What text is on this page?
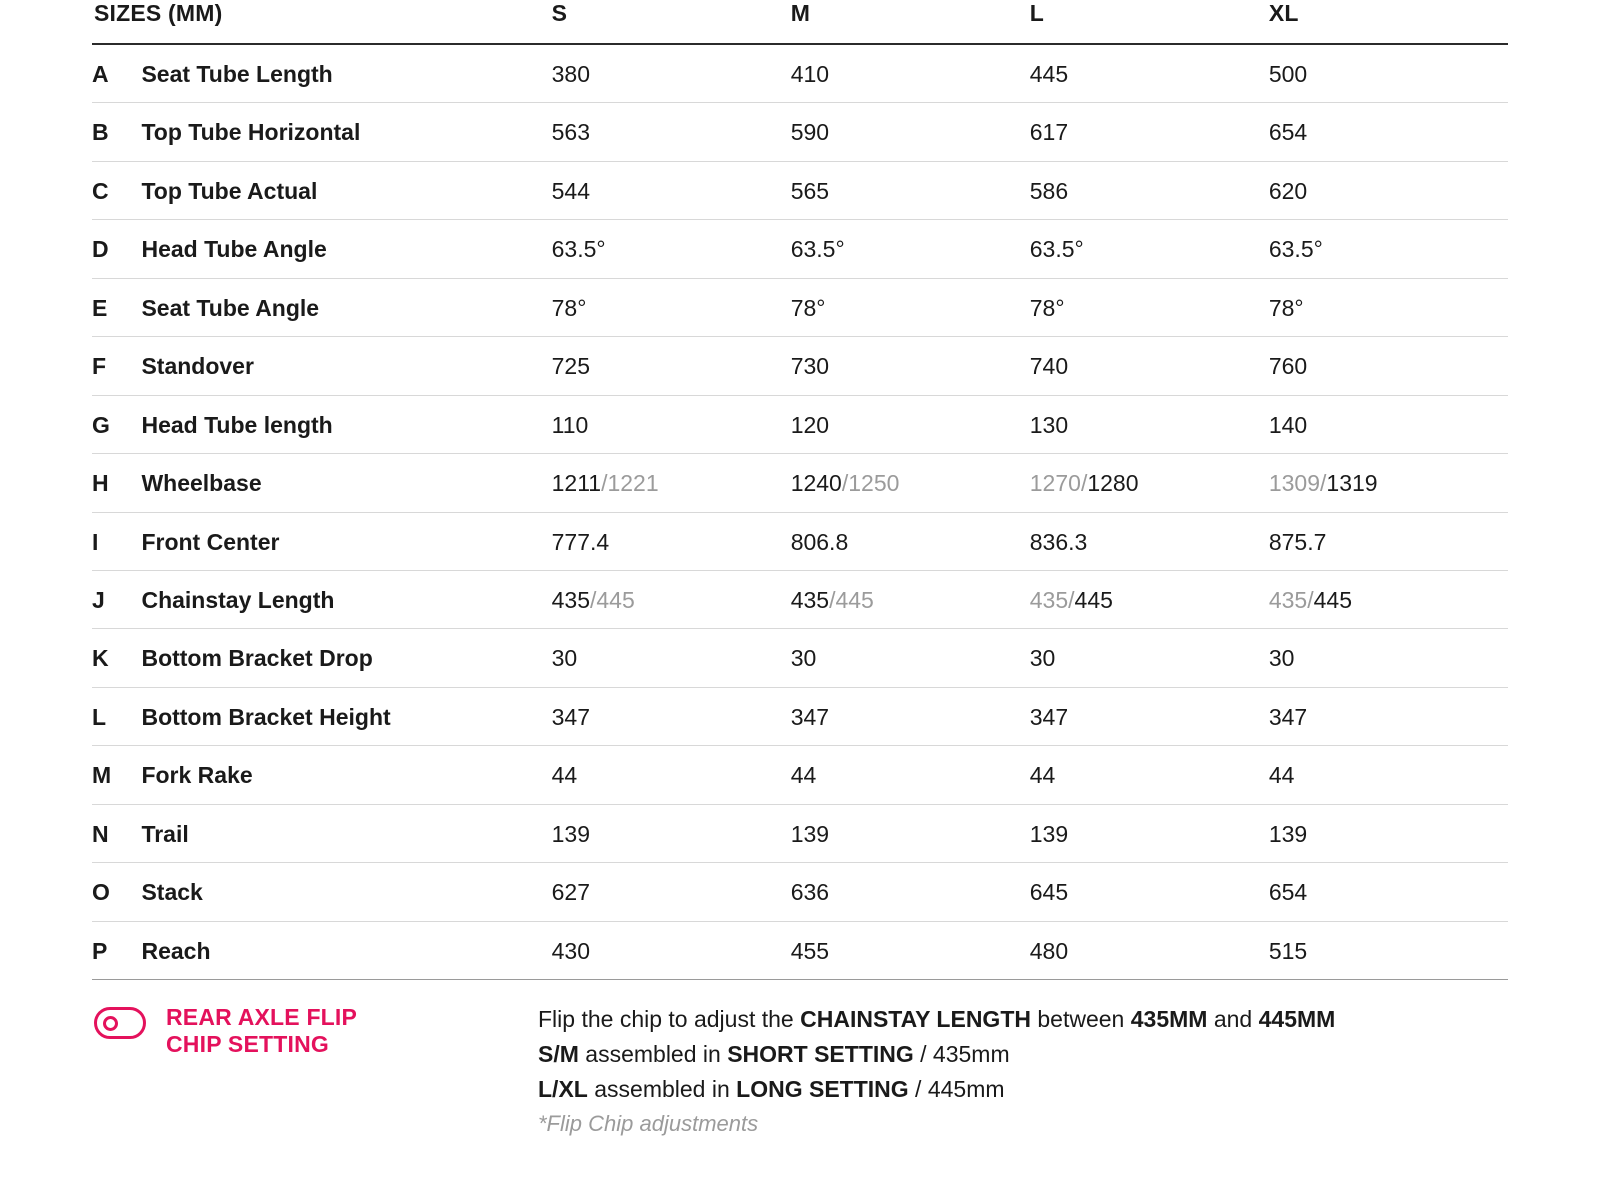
SIZES (MM)		S	M	L	XL
A	Seat Tube Length	380	410	445	500
B	Top Tube Horizontal	563	590	617	654
C	Top Tube Actual	544	565	586	620
D	Head Tube Angle	63.5°	63.5°	63.5°	63.5°
E	Seat Tube Angle	78°	78°	78°	78°
F	Standover	725	730	740	760
G	Head Tube length	110	120	130	140
H	Wheelbase	1211/1221	1240/1250	1270/1280	1309/1319
I	Front Center	777.4	806.8	836.3	875.7
J	Chainstay Length	435/445	435/445	435/445	435/445
K	Bottom Bracket Drop	30	30	30	30
L	Bottom Bracket Height	347	347	347	347
M	Fork Rake	44	44	44	44
N	Trail	139	139	139	139
O	Stack	627	636	645	654
P	Reach	430	455	480	515
REAR AXLE FLIP
CHIP SETTING
Flip the chip to adjust the CHAINSTAY LENGTH between 435MM and 445MM
S/M assembled in SHORT SETTING / 435mm
L/XL assembled in LONG SETTING / 445mm
*Flip Chip adjustments
